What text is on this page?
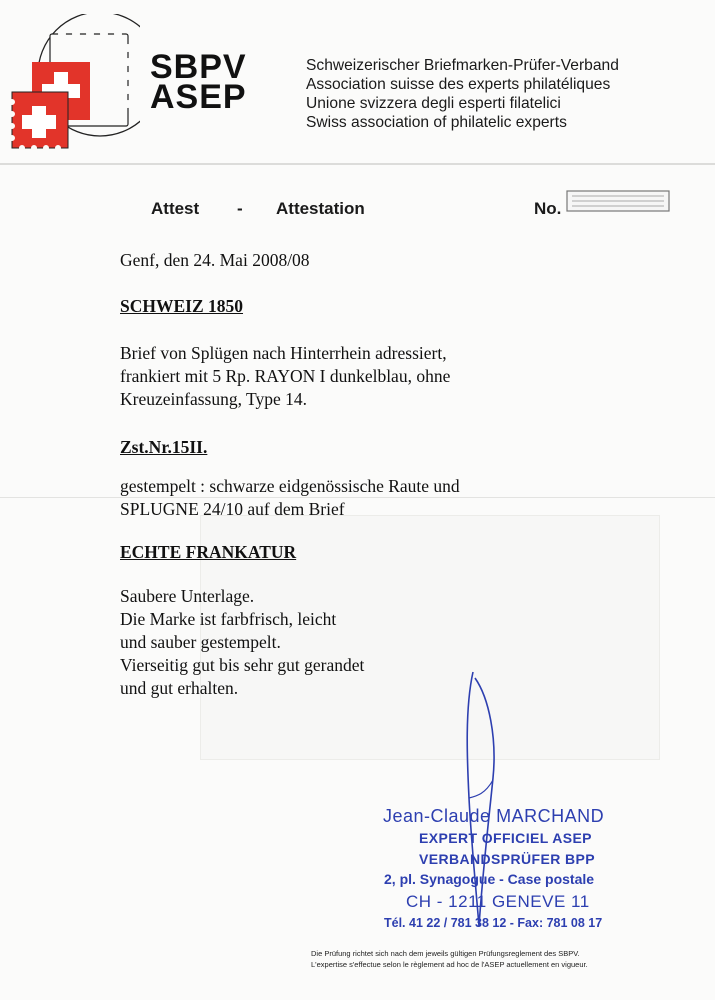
SBPV
ASEP
Schweizerischer Briefmarken-Prüfer-Verband
Association suisse des experts philatéliques
Unione svizzera degli esperti filatelici
Swiss association of philatelic experts
Attest - Attestation	No.
Genf, den 24. Mai 2008/08
SCHWEIZ 1850
Brief von Splügen nach Hinterrhein adressiert,
frankiert mit 5 Rp. RAYON I dunkelblau, ohne
Kreuzeinfassung, Type 14.
Zst.Nr.15II.
gestempelt : schwarze eidgenössische Raute und
SPLUGNE 24/10 auf dem Brief
ECHTE FRANKATUR
Saubere Unterlage.
Die Marke ist farbfrisch, leicht
und sauber gestempelt.
Vierseitig gut bis sehr gut gerandet
und gut erhalten.
Jean-Claude MARCHAND
EXPERT OFFICIEL ASEP
VERBANDSPRÜFER BPP
2, pl. Synagogue - Case postale
CH - 1211 GENEVE 11
Tél. 41 22 / 781 38 12 - Fax: 781 08 17
Die Prüfung richtet sich nach dem jeweils gültigen Prüfungsreglement des SBPV.
L'expertise s'effectue selon le règlement ad hoc de l'ASEP actuellement en vigueur.
